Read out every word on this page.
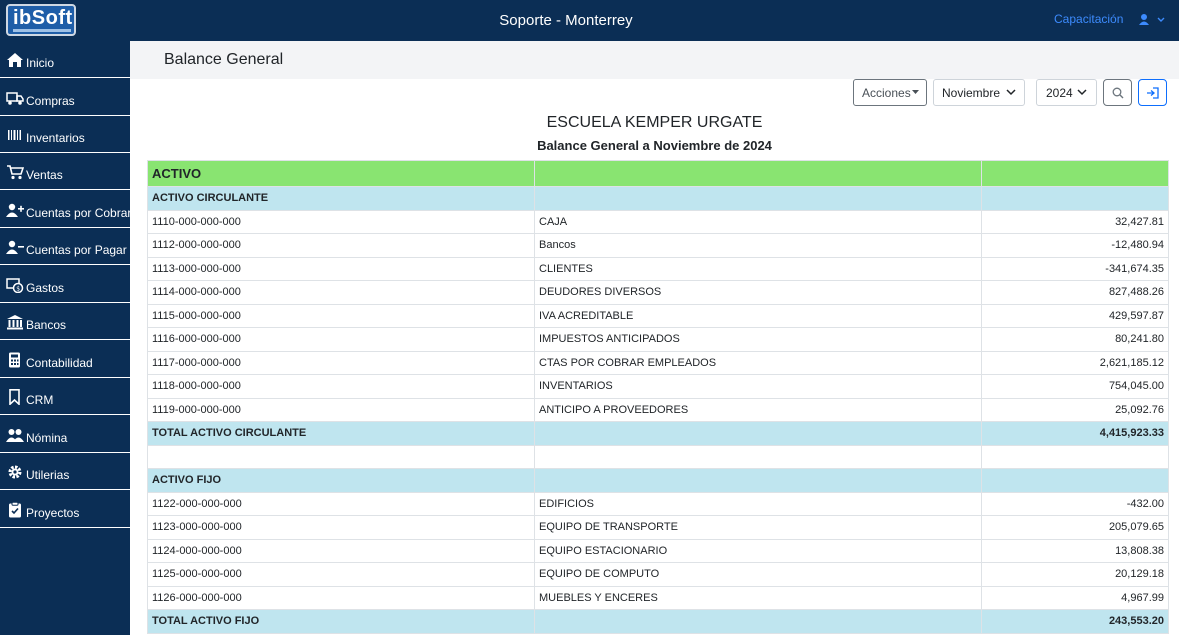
ibSoft	Soporte - Monterrey	Capacitación
Inicio
Compras
Inventarios
Ventas
Cuentas por Cobrar
Cuentas por Pagar
$ Gastos
Bancos
Contabilidad
CRM
Nómina
Utilerias
Proyectos
Balance General
Acciones	Noviembre	2024
ESCUELA KEMPER URGATE
Balance General a Noviembre de 2024
ACTIVO		
ACTIVO CIRCULANTE		
1110-000-000-000	CAJA	32,427.81
1112-000-000-000	Bancos	-12,480.94
1113-000-000-000	CLIENTES	-341,674.35
1114-000-000-000	DEUDORES DIVERSOS	827,488.26
1115-000-000-000	IVA ACREDITABLE	429,597.87
1116-000-000-000	IMPUESTOS ANTICIPADOS	80,241.80
1117-000-000-000	CTAS POR COBRAR EMPLEADOS	2,621,185.12
1118-000-000-000	INVENTARIOS	754,045.00
1119-000-000-000	ANTICIPO A PROVEEDORES	25,092.76
TOTAL ACTIVO CIRCULANTE		4,415,923.33

ACTIVO FIJO		
1122-000-000-000	EDIFICIOS	-432.00
1123-000-000-000	EQUIPO DE TRANSPORTE	205,079.65
1124-000-000-000	EQUIPO ESTACIONARIO	13,808.38
1125-000-000-000	EQUIPO DE COMPUTO	20,129.18
1126-000-000-000	MUEBLES Y ENCERES	4,967.99
TOTAL ACTIVO FIJO		243,553.20
